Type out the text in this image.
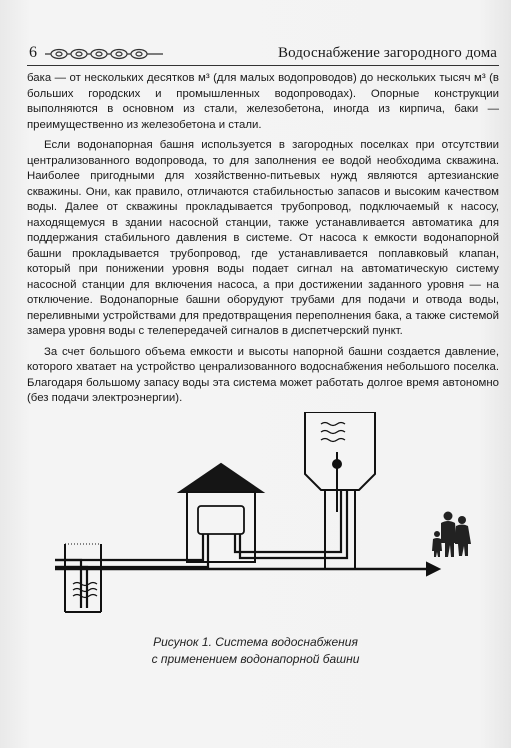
6	Водоснабжение загородного дома

бака — от нескольких десятков м³ (для малых водопроводов) до нескольких тысяч м³ (в больших городских и промышленных водопроводах). Опорные конструкции выполняются в основном из стали, железобетона, иногда из кирпича, баки — преимущественно из железобетона и стали.

Если водонапорная башня используется в загородных поселках при отсутствии централизованного водопровода, то для заполнения ее водой необходима скважина. Наиболее пригодными для хозяйственно-питьевых нужд являются артезианские скважины. Они, как правило, отличаются стабильностью запасов и высоким качеством воды. Далее от скважины прокладывается трубопровод, подключаемый к насосу, находящемуся в здании насосной станции, также устанавливается автоматика для поддержания стабильного давления в системе. От насоса к емкости водонапорной башни прокладывается трубопровод, где устанавливается поплавковый клапан, который при понижении уровня воды подает сигнал на автоматическую систему насосной станции для включения насоса, а при достижении заданного уровня — на отключение. Водонапорные башни оборудуют трубами для подачи и отвода воды, переливными устройствами для предотвращения переполнения бака, а также системой замера уровня воды с телепередачей сигналов в диспетчерский пункт.

За счет большого объема емкости и высоты напорной башни создается давление, которого хватает на устройство ценрализованного водоснабжения небольшого поселка. Благодаря большому запасу воды эта система может работать долгое время автономно (без подачи электроэнергии).

Рисунок 1. Система водоснабжения
с применением водонапорной башни
